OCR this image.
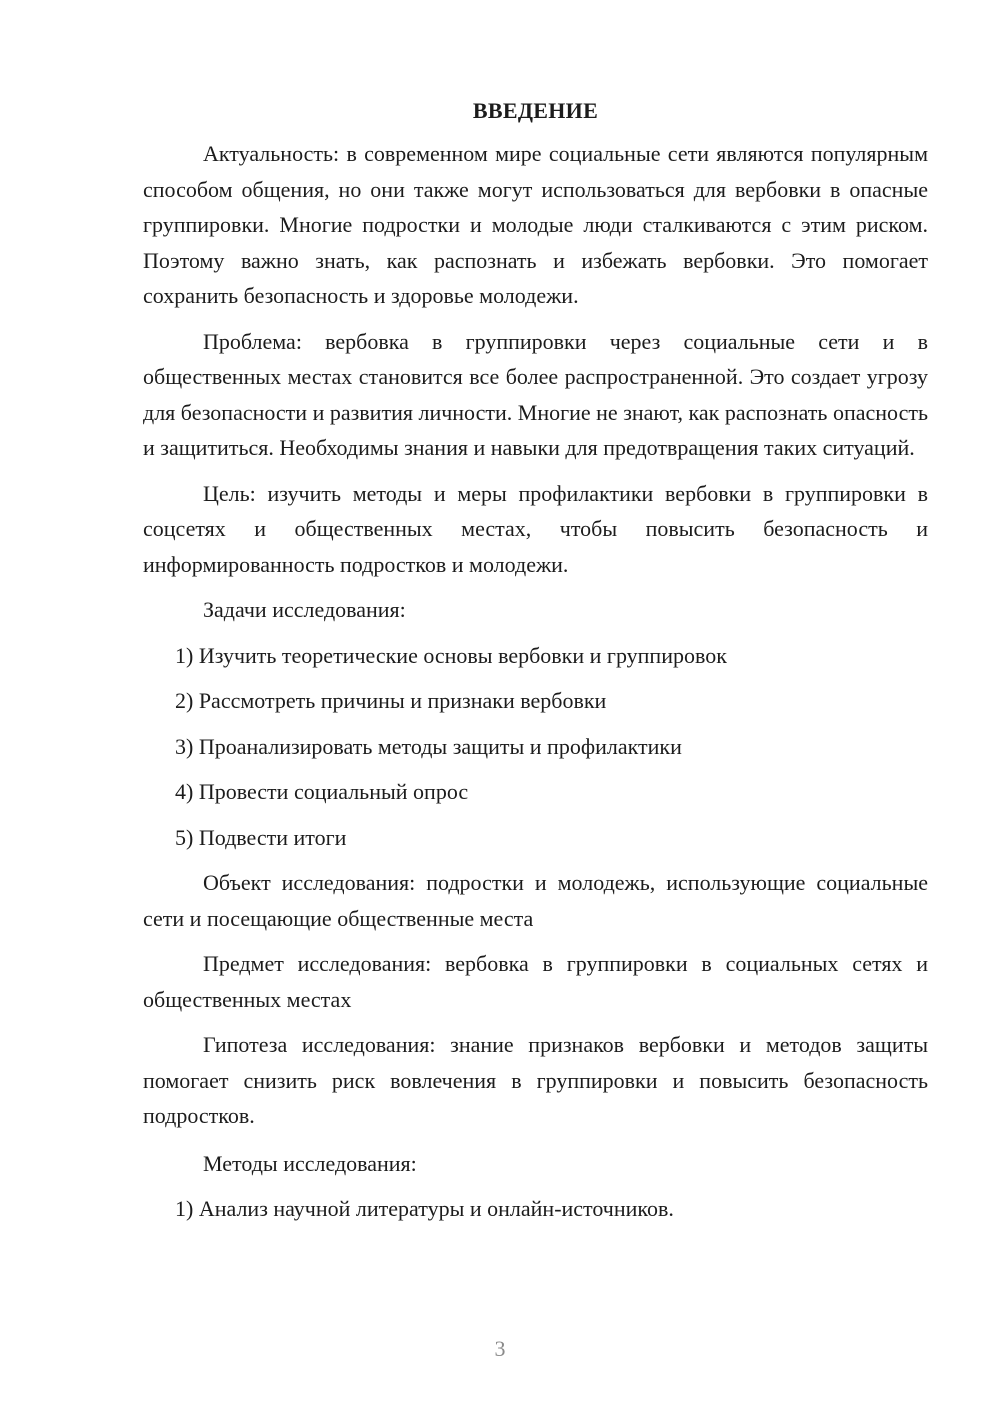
ВВЕДЕНИЕ

Актуальность: в современном мире социальные сети являются популярным способом общения, но они также могут использоваться для вербовки в опасные группировки. Многие подростки и молодые люди сталкиваются с этим риском. Поэтому важно знать, как распознать и избежать вербовки. Это помогает сохранить безопасность и здоровье молодежи.

Проблема: вербовка в группировки через социальные сети и в общественных местах становится все более распространенной. Это создает угрозу для безопасности и развития личности. Многие не знают, как распознать опасность и защититься. Необходимы знания и навыки для предотвращения таких ситуаций.

Цель: изучить методы и меры профилактики вербовки в группировки в соцсетях и общественных местах, чтобы повысить безопасность и информированность подростков и молодежи.

Задачи исследования:

1) Изучить теоретические основы вербовки и группировок
2) Рассмотреть причины и признаки вербовки
3) Проанализировать методы защиты и профилактики
4) Провести социальный опрос
5) Подвести итоги

Объект исследования: подростки и молодежь, использующие социальные сети и посещающие общественные места

Предмет исследования: вербовка в группировки в социальных сетях и общественных местах

Гипотеза исследования: знание признаков вербовки и методов защиты помогает снизить риск вовлечения в группировки и повысить безопасность подростков.

Методы исследования:

1) Анализ научной литературы и онлайн-источников.
3
